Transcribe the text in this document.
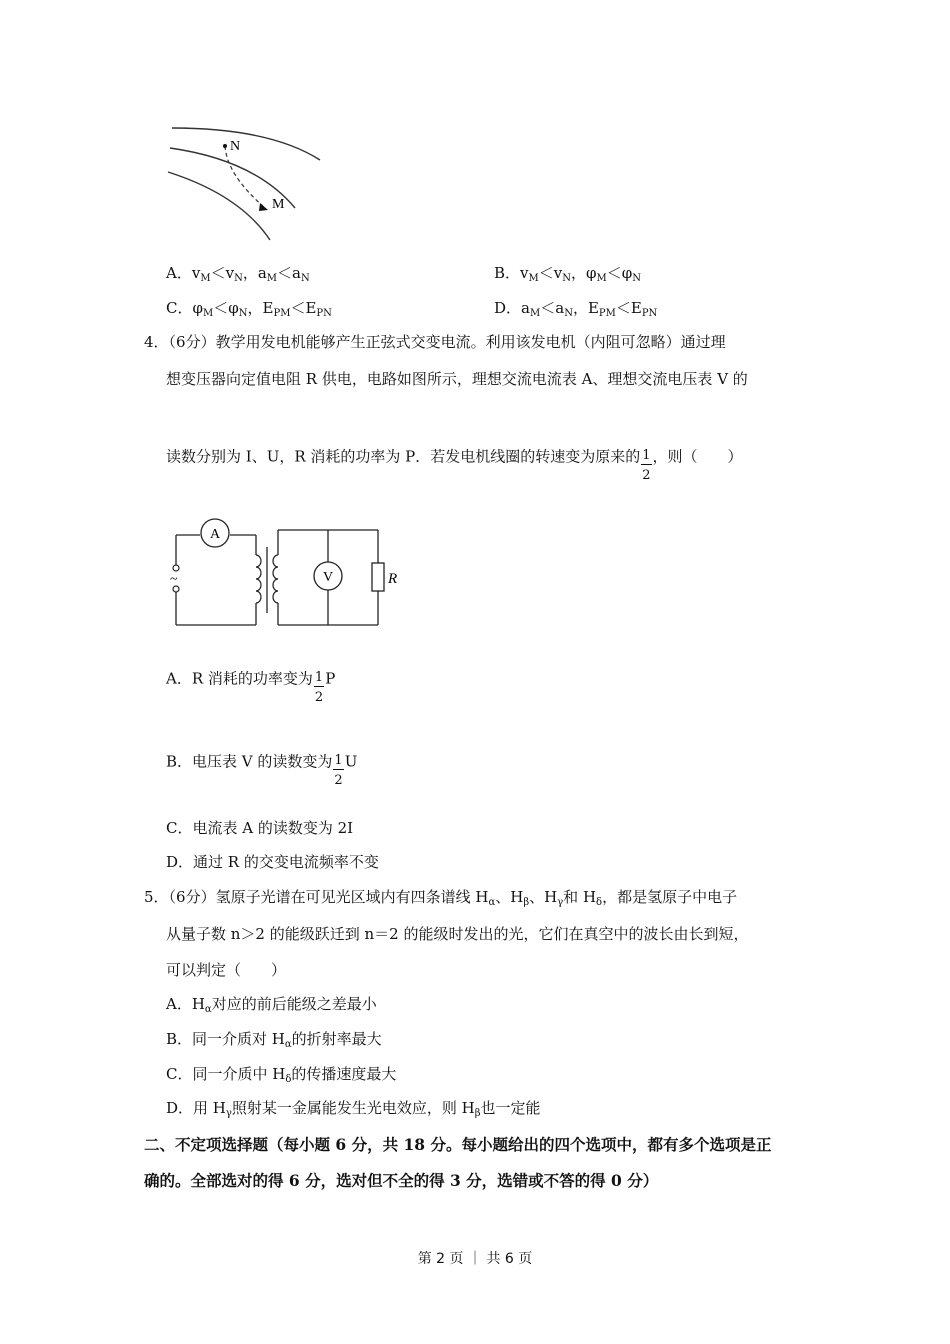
N
M
A．$v_M<v_N$，$a_M<a_N$	B．$v_M<v_N$，$\varphi_M<\varphi_N$
C．$\varphi_M<\varphi_N$，$E_{PM}<E_{PN}$	D．$a_M<a_N$，$E_{PM}<E_{PN}$
4．（6分）教学用发电机能够产生正弦式交变电流。利用该发电机（内阻可忽略）通过理
想变压器向定值电阻 R 供电，电路如图所示，理想交流电流表 A、理想交流电压表 V 的
读数分别为 I、U，R 消耗的功率为 P．若发电机线圈的转速变为原来的 $\frac{1}{2}$ ，则（　　）
A
~	V	R
A．R 消耗的功率变为 $\frac{1}{2}$ P
B．电压表 V 的读数变为 $\frac{1}{2}$ U
C．电流表 A 的读数变为 2I
D．通过 R 的交变电流频率不变
5．（6分）氢原子光谱在可见光区域内有四条谱线 $H_\alpha$、$H_\beta$、$H_\gamma$和 $H_\delta$，都是氢原子中电子
从量子数 n＞2 的能级跃迁到 n＝2 的能级时发出的光，它们在真空中的波长由长到短，
可以判定（　　）
A．$H_\alpha$对应的前后能级之差最小
B．同一介质对 $H_\alpha$的折射率最大
C．同一介质中 $H_\delta$的传播速度最大
D．用 $H_\gamma$照射某一金属能发生光电效应，则 $H_\beta$也一定能
二、不定项选择题（每小题 6 分，共 18 分。每小题给出的四个选项中，都有多个选项是正
确的。全部选对的得 6 分，选对但不全的得 3 分，选错或不答的得 0 分）
第 2 页 ｜ 共 6 页
